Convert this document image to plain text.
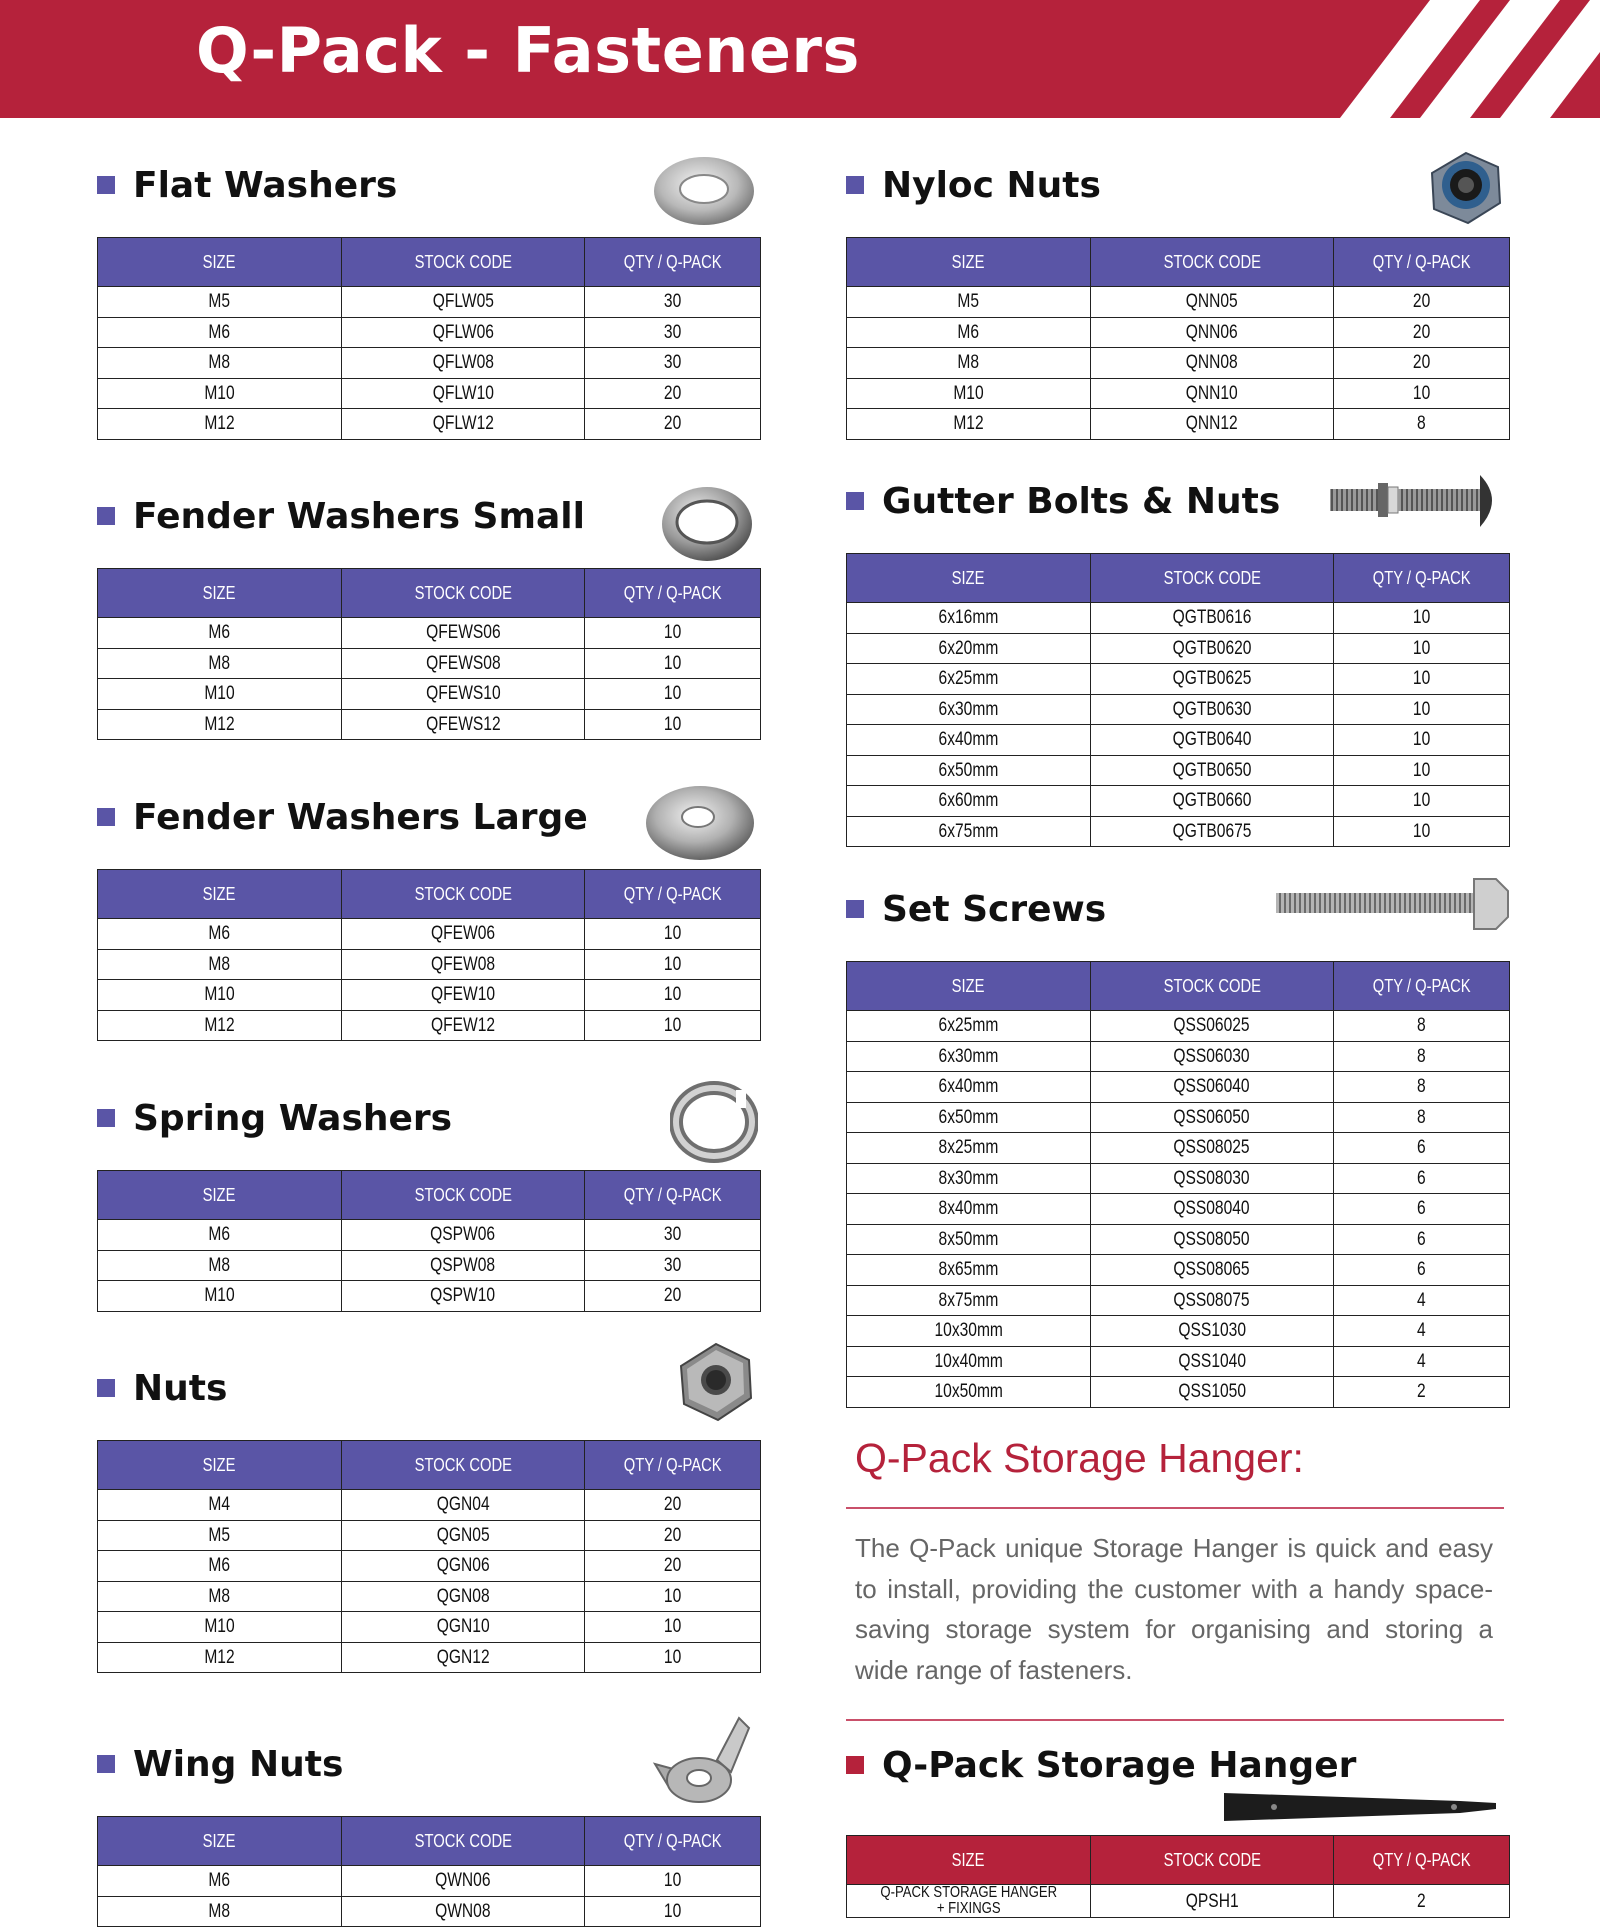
Q-Pack - Fasteners
Flat Washers
SIZE	STOCK CODE	QTY / Q-PACK
M5	QFLW05	30
M6	QFLW06	30
M8	QFLW08	30
M10	QFLW10	20
M12	QFLW12	20
Fender Washers Small
SIZE	STOCK CODE	QTY / Q-PACK
M6	QFEWS06	10
M8	QFEWS08	10
M10	QFEWS10	10
M12	QFEWS12	10
Fender Washers Large
SIZE	STOCK CODE	QTY / Q-PACK
M6	QFEW06	10
M8	QFEW08	10
M10	QFEW10	10
M12	QFEW12	10
Spring Washers
SIZE	STOCK CODE	QTY / Q-PACK
M6	QSPW06	30
M8	QSPW08	30
M10	QSPW10	20
Nuts
SIZE	STOCK CODE	QTY / Q-PACK
M4	QGN04	20
M5	QGN05	20
M6	QGN06	20
M8	QGN08	10
M10	QGN10	10
M12	QGN12	10
Wing Nuts
SIZE	STOCK CODE	QTY / Q-PACK
M6	QWN06	10
M8	QWN08	10
Nyloc Nuts
SIZE	STOCK CODE	QTY / Q-PACK
M5	QNN05	20
M6	QNN06	20
M8	QNN08	20
M10	QNN10	10
M12	QNN12	8
Gutter Bolts & Nuts
SIZE	STOCK CODE	QTY / Q-PACK
6x16mm	QGTB0616	10
6x20mm	QGTB0620	10
6x25mm	QGTB0625	10
6x30mm	QGTB0630	10
6x40mm	QGTB0640	10
6x50mm	QGTB0650	10
6x60mm	QGTB0660	10
6x75mm	QGTB0675	10
Set Screws
SIZE	STOCK CODE	QTY / Q-PACK
6x25mm	QSS06025	8
6x30mm	QSS06030	8
6x40mm	QSS06040	8
6x50mm	QSS06050	8
8x25mm	QSS08025	6
8x30mm	QSS08030	6
8x40mm	QSS08040	6
8x50mm	QSS08050	6
8x65mm	QSS08065	6
8x75mm	QSS08075	4
10x30mm	QSS1030	4
10x40mm	QSS1040	4
10x50mm	QSS1050	2
Q-Pack Storage Hanger:
The Q-Pack unique Storage Hanger is quick and easy to install, providing the customer with a handy space-saving storage system for organising and storing a wide range of fasteners.
Q-Pack Storage Hanger
SIZE	STOCK CODE	QTY / Q-PACK
Q-PACK STORAGE HANGER
+ FIXINGS	QPSH1	2
